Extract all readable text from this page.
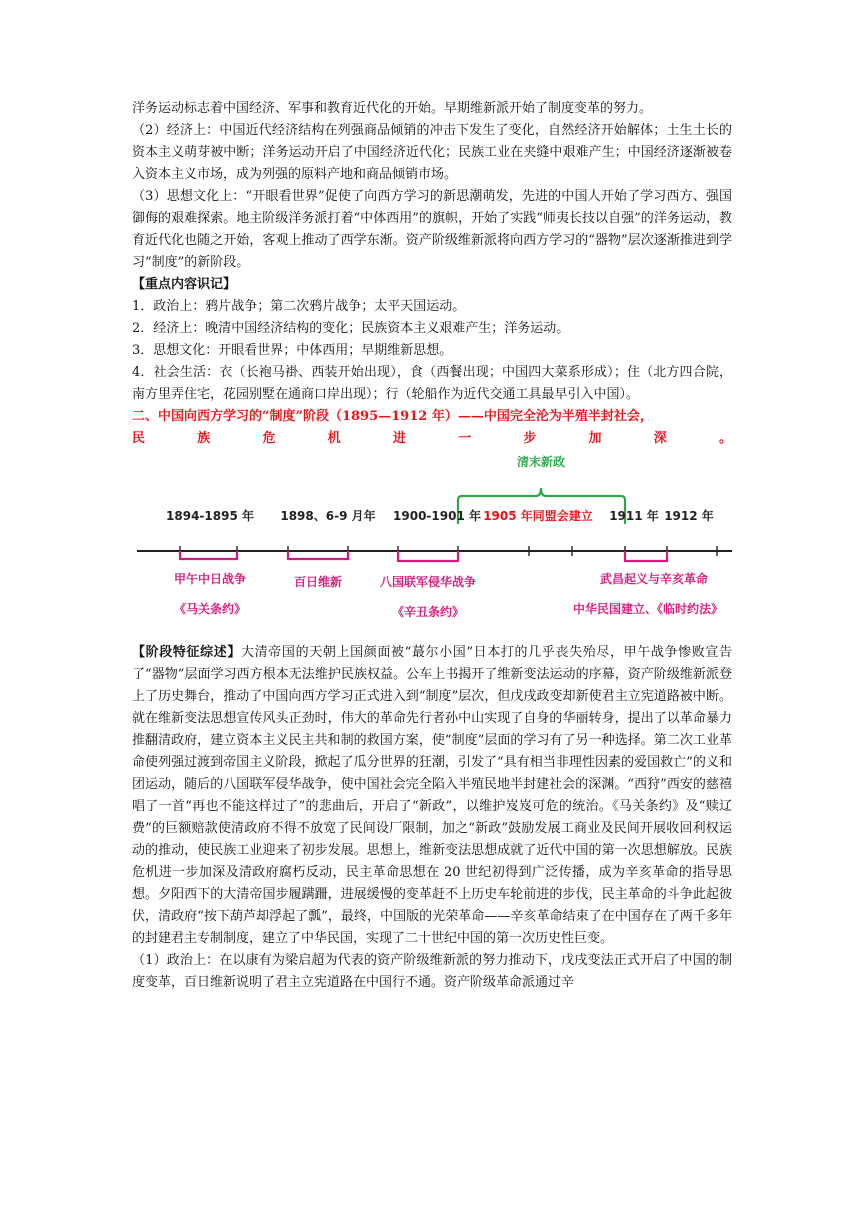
洋务运动标志着中国经济、军事和教育近代化的开始。早期维新派开始了制度变革的努力。

（2）经济上：中国近代经济结构在列强商品倾销的冲击下发生了变化，自然经济开始解体；土生土长的资本主义萌芽被中断；洋务运动开启了中国经济近代化；民族工业在夹缝中艰难产生；中国经济逐渐被卷入资本主义市场，成为列强的原料产地和商品倾销市场。

（3）思想文化上：“开眼看世界”促使了向西方学习的新思潮萌发，先进的中国人开始了学习西方、强国御侮的艰难探索。地主阶级洋务派打着“中体西用”的旗帜，开始了实践“师夷长技以自强”的洋务运动，教育近代化也随之开始，客观上推动了西学东渐。资产阶级维新派将向西方学习的“器物”层次逐渐推进到学习“制度”的新阶段。

【重点内容识记】

1．政治上：鸦片战争；第二次鸦片战争；太平天国运动。

2．经济上：晚清中国经济结构的变化；民族资本主义艰难产生；洋务运动。

3．思想文化：开眼看世界；中体西用；早期维新思想。

4．社会生活：衣（长袍马褂、西装开始出现），食（西餐出现；中国四大菜系形成）；住（北方四合院，南方里弄住宅，花园别墅在通商口岸出现）；行（轮船作为近代交通工具最早引入中国）。

二、中国向西方学习的“制度”阶段（1895—1912 年）——中国完全沦为半殖半封社会，

民	族	危	机	进	一	步	加	深	。
清末新政
1894-1895 年 1898、6-9 月年 1900-1901 年 1905 年同盟会建立 1911 年 1912 年
甲午中日战争
《马关条约》
百日维新	八国联军侵华战争
《辛丑条约》
武昌起义与辛亥革命
中华民国建立、《临时约法》

【阶段特征综述】大清帝国的天朝上国颜面被“蕞尔小国”日本打的几乎丧失殆尽，甲午战争惨败宣告了“器物”层面学习西方根本无法维护民族权益。公车上书揭开了维新变法运动的序幕，资产阶级维新派登上了历史舞台，推动了中国向西方学习正式进入到“制度”层次，但戊戌政变却新使君主立宪道路被中断。就在维新变法思想宣传风头正劲时，伟大的革命先行者孙中山实现了自身的华丽转身，提出了以革命暴力推翻清政府，建立资本主义民主共和制的救国方案，使“制度”层面的学习有了另一种选择。第二次工业革命使列强过渡到帝国主义阶段，掀起了瓜分世界的狂潮，引发了“具有相当非理性因素的爱国救亡”的义和团运动，随后的八国联军侵华战争，使中国社会完全陷入半殖民地半封建社会的深渊。“西狩”西安的慈禧唱了一首“再也不能这样过了”的悲曲后，开启了“新政”，以维护岌岌可危的统治。《马关条约》及“赎辽费”的巨额赔款使清政府不得不放宽了民间设厂限制，加之“新政”鼓励发展工商业及民间开展收回利权运动的推动，使民族工业迎来了初步发展。思想上，维新变法思想成就了近代中国的第一次思想解放。民族危机进一步加深及清政府腐朽反动，民主革命思想在 20 世纪初得到广泛传播，成为辛亥革命的指导思想。夕阳西下的大清帝国步履蹒跚，进展缓慢的变革赶不上历史车轮前进的步伐，民主革命的斗争此起彼伏，清政府“按下葫芦却浮起了瓢”，最终，中国版的光荣革命——辛亥革命结束了在中国存在了两千多年的封建君主专制制度，建立了中华民国，实现了二十世纪中国的第一次历史性巨变。

（1）政治上：在以康有为梁启超为代表的资产阶级维新派的努力推动下，戊戌变法正式开启了中国的制度变革，百日维新说明了君主立宪道路在中国行不通。资产阶级革命派通过辛
